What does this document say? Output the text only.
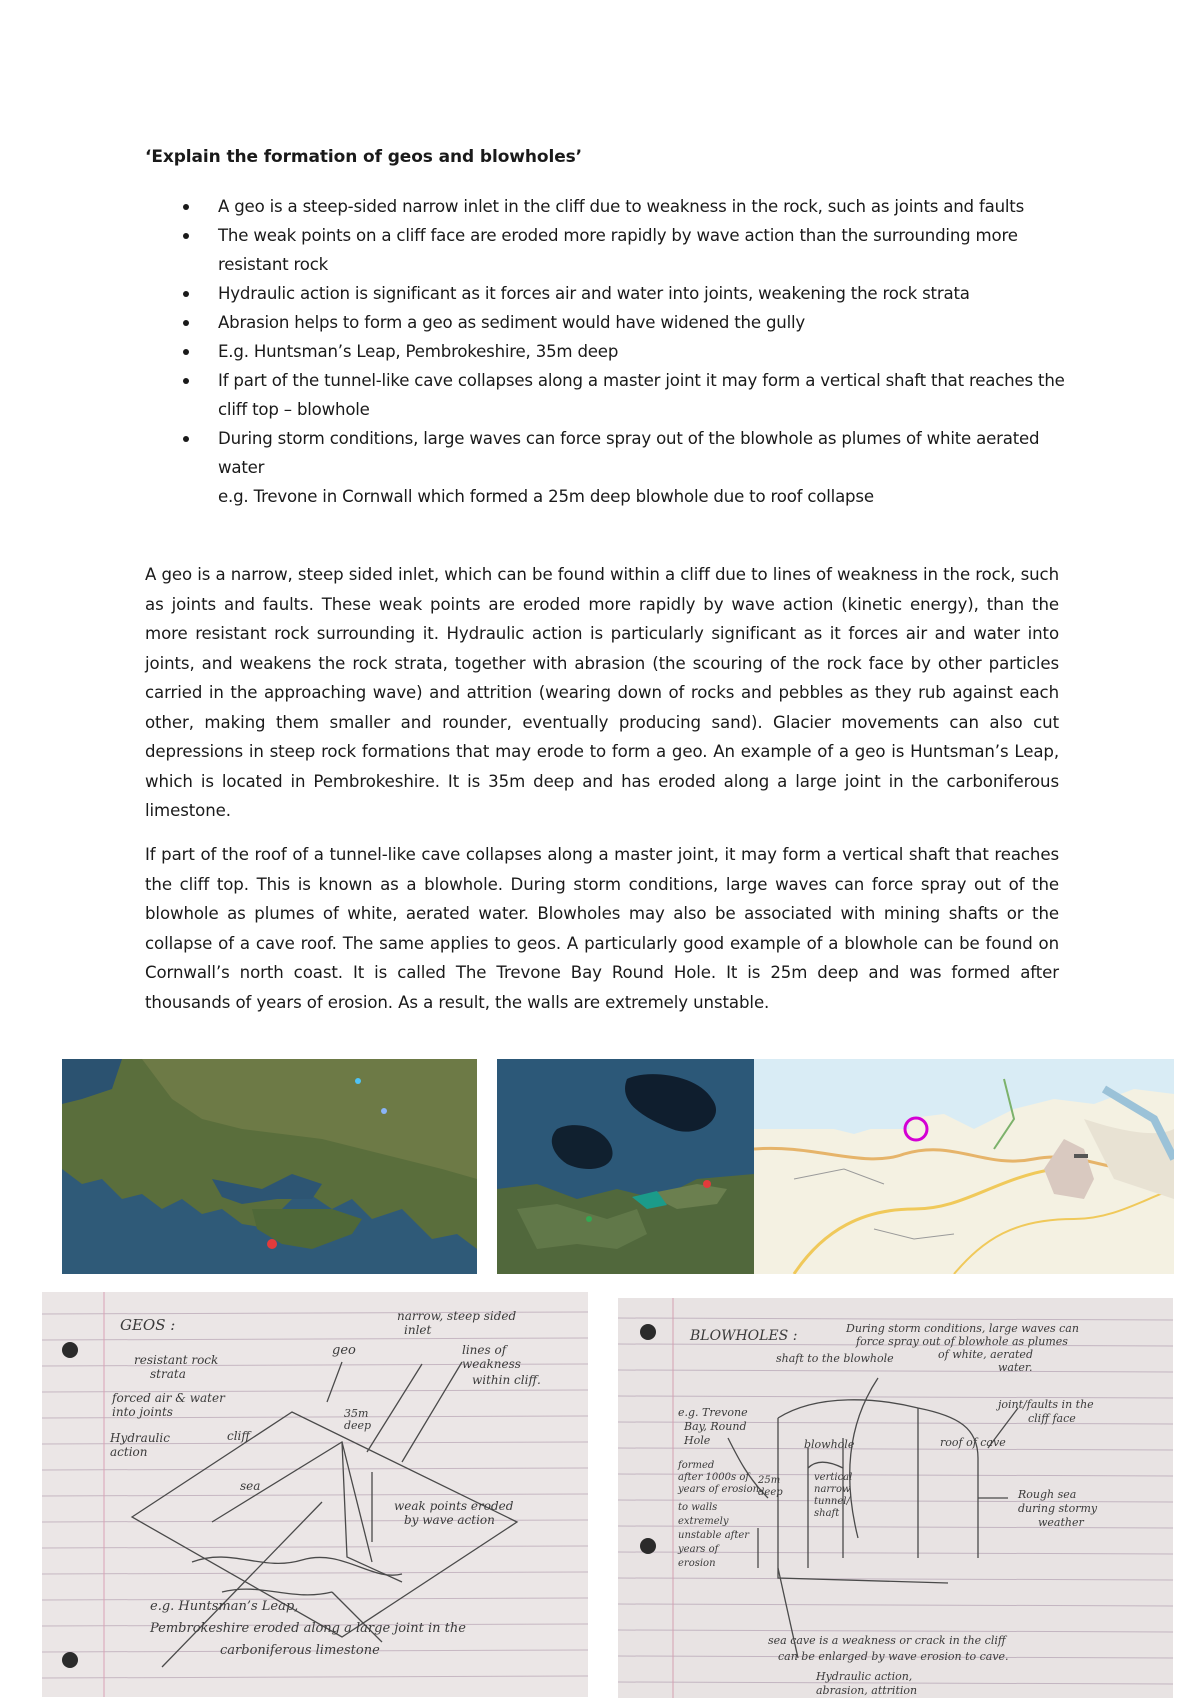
‘Explain the formation of geos and blowholes’
A geo is a steep-sided narrow inlet in the cliff due to weakness in the rock, such as joints and faults
The weak points on a cliff face are eroded more rapidly by wave action than the surrounding more resistant rock
Hydraulic action is significant as it forces air and water into joints, weakening the rock strata
Abrasion helps to form a geo as sediment would have widened the gully
E.g. Huntsman’s Leap, Pembrokeshire, 35m deep
If part of the tunnel-like cave collapses along a master joint it may form a vertical shaft that reaches the cliff top – blowhole
During storm conditions, large waves can force spray out of the blowhole as plumes of white aerated water
e.g. Trevone in Cornwall which formed a 25m deep blowhole due to roof collapse

A geo is a narrow, steep sided inlet, which can be found within a cliff due to lines of weakness in the rock, such as joints and faults. These weak points are eroded more rapidly by wave action (kinetic energy), than the more resistant rock surrounding it. Hydraulic action is particularly significant as it forces air and water into joints, and weakens the rock strata, together with abrasion (the scouring of the rock face by other particles carried in the approaching wave) and attrition (wearing down of rocks and pebbles as they rub against each other, making them smaller and rounder, eventually producing sand). Glacier movements can also cut depressions in steep rock formations that may erode to form a geo. An example of a geo is Huntsman’s Leap, which is located in Pembrokeshire. It is 35m deep and has eroded along a large joint in the carboniferous limestone.

If part of the roof of a tunnel-like cave collapses along a master joint, it may form a vertical shaft that reaches the cliff top. This is known as a blowhole. During storm conditions, large waves can force spray out of the blowhole as plumes of white, aerated water. Blowholes may also be associated with mining shafts or the collapse of a cave roof. The same applies to geos. A particularly good example of a blowhole can be found on Cornwall’s north coast. It is called The Trevone Bay Round Hole. It is 25m deep and was formed after thousands of years of erosion. As a result, the walls are extremely unstable.

GEOS :	narrow, steep sided
inlet
geo	lines of
weakness
within cliff.
resistant rock
strata
forced air & water
into joints
Hydraulic
action
cliff
35m
deep
sea
weak points eroded
by wave action
e.g. Huntsman’s Leap,
Pembrokeshire eroded along a large joint in the
carboniferous limestone
BLOWHOLES :	During storm conditions, large waves can
force spray out of blowhole as plumes
of white, aerated
water.
shaft to the blowhole
joint/faults in the
cliff face
e.g. Trevone
Bay, Round
Hole	blowhole	roof of cave
25m
deep
vertical
narrow
tunnel/
shaft
formed
after 1000s of
years of erosion.
to walls
extremely
unstable after
years of
erosion
Rough sea
during stormy
weather
sea cave is a weakness or crack in the cliff
can be enlarged by wave erosion to cave.
Hydraulic action,
abrasion, attrition
